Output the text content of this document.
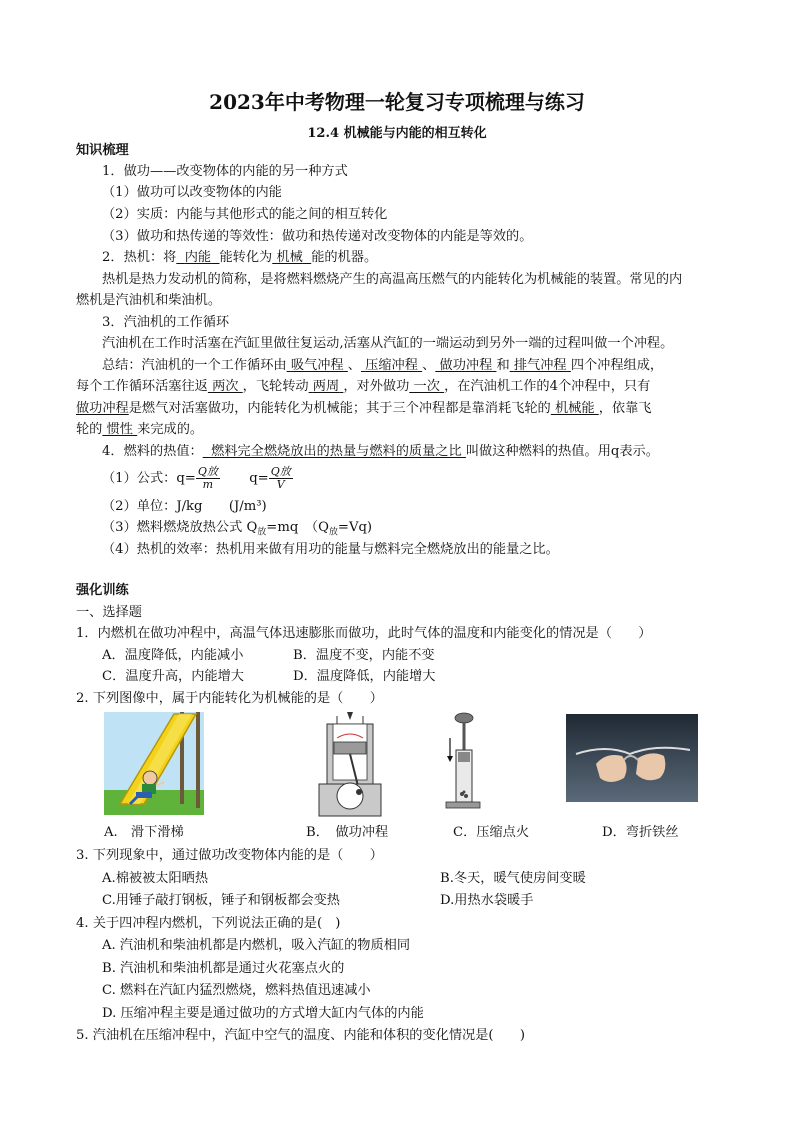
2023年中考物理一轮复习专项梳理与练习
12.4 机械能与内能的相互转化
知识梳理
1．做功——改变物体的内能的另一种方式
（1）做功可以改变物体的内能
（2）实质：内能与其他形式的能之间的相互转化
（3）做功和热传递的等效性：做功和热传递对改变物体的内能是等效的。
2．热机：将 内能 能转化为 机械 能的机器。
热机是热力发动机的简称，是将燃料燃烧产生的高温高压燃气的内能转化为机械能的装置。常见的内
燃机是汽油机和柴油机。
3．汽油机的工作循环
汽油机在工作时活塞在汽缸里做往复运动,活塞从汽缸的一端运动到另外一端的过程叫做一个冲程。
总结：汽油机的一个工作循环由 吸气冲程 、 压缩冲程 、 做功冲程 和 排气冲程 四个冲程组成，
每个工作循环活塞往返 两次 ，飞轮转动 两周 ，对外做功 一次 ，在汽油机工作的4个冲程中，只有
做功冲程是燃气对活塞做功，内能转化为机械能；其于三个冲程都是靠消耗飞轮的 机械能 ，依靠飞
轮的 惯性 来完成的。
4．燃料的热值： 燃料完全燃烧放出的热量与燃料的质量之比 叫做这种燃料的热值。用q表示。
（1）公式：$q= \frac{\text{Q放}}{m} q= \frac{\text{Q放}}{V}$
（2）单位：J/kg　　(J/m³)
（3）燃料燃烧放热公式 $Q_放=mq$　$(Q_放=Vq)$
（4）热机的效率：热机用来做有用功的能量与燃料完全燃烧放出的能量之比。
强化训练
一、选择题
1．内燃机在做功冲程中，高温气体迅速膨胀而做功，此时气体的温度和内能变化的情况是（　　）
A．温度降低，内能减小	B．温度不变，内能不变
C．温度升高，内能增大	D．温度降低，内能增大
2. 下列图像中，属于内能转化为机械能的是（　　）
A.　滑下滑梯	B．　做功冲程	C．压缩点火	D．弯折铁丝
3. 下列现象中，通过做功改变物体内能的是（　　）
A.棉被被太阳晒热	B.冬天，暖气使房间变暖
C.用锤子敲打钢板，锤子和钢板都会变热	D.用热水袋暖手
4. 关于四冲程内燃机，下列说法正确的是(　)
A. 汽油机和柴油机都是内燃机，吸入汽缸的物质相同
B. 汽油机和柴油机都是通过火花塞点火的
C. 燃料在汽缸内猛烈燃烧，燃料热值迅速减小
D. 压缩冲程主要是通过做功的方式增大缸内气体的内能
5. 汽油机在压缩冲程中，汽缸中空气的温度、内能和体积的变化情况是(　　)
